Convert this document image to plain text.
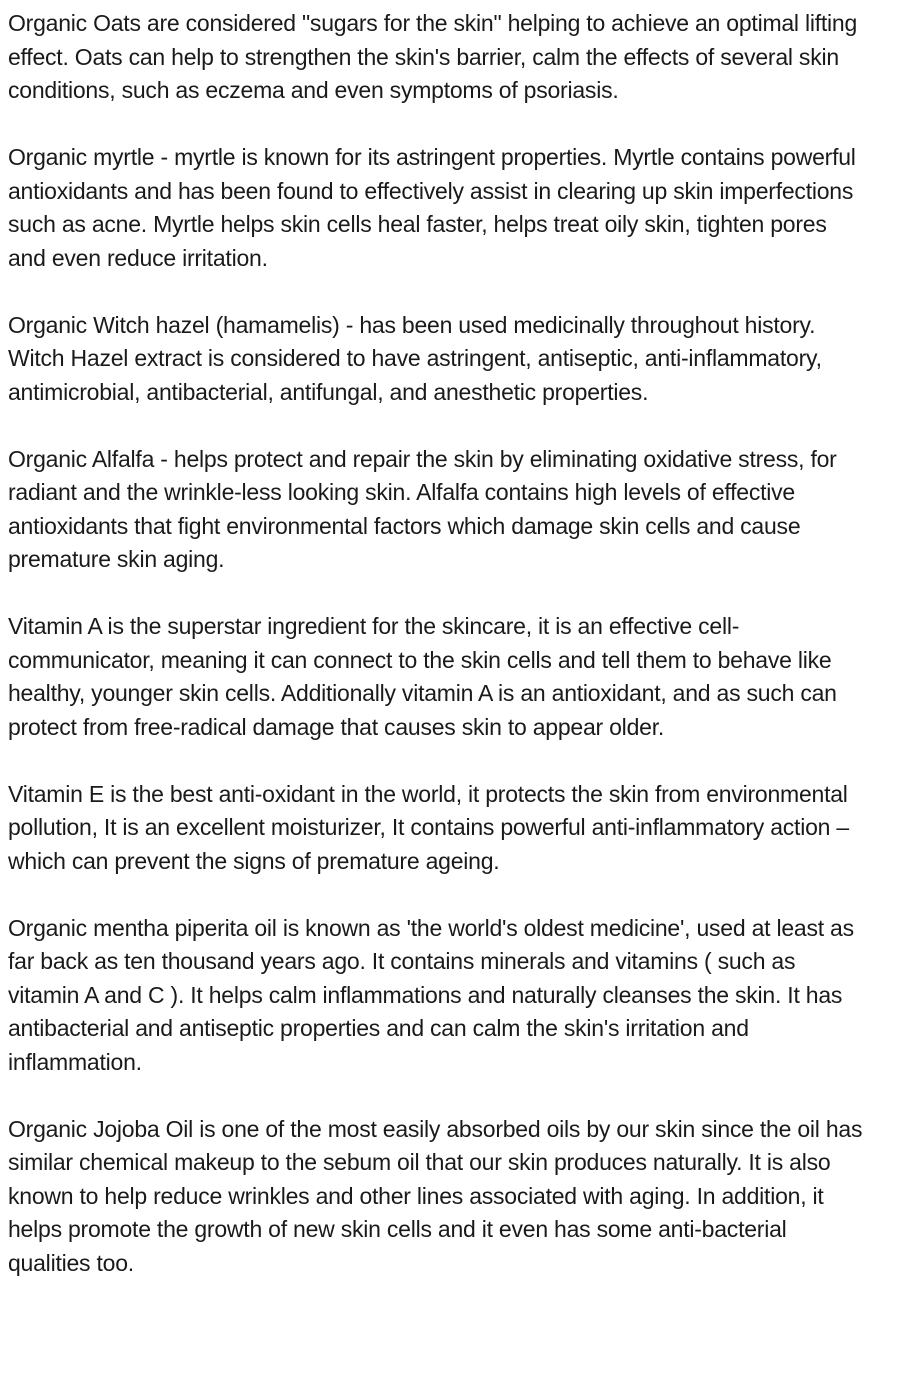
Organic Oats are considered "sugars for the skin" helping to achieve an optimal lifting effect. Oats can help to strengthen the skin's barrier, calm the effects of several skin conditions, such as eczema and even symptoms of psoriasis.

Organic myrtle - myrtle is known for its astringent properties. Myrtle contains powerful antioxidants and has been found to effectively assist in clearing up skin imperfections such as acne. Myrtle helps skin cells heal faster, helps treat oily skin, tighten pores and even reduce irritation.

Organic Witch hazel (hamamelis) - has been used medicinally throughout history. Witch Hazel extract is considered to have astringent, antiseptic, anti-inflammatory, antimicrobial, antibacterial, antifungal, and anesthetic properties.

Organic Alfalfa - helps protect and repair the skin by eliminating oxidative stress, for radiant and the wrinkle-less looking skin. Alfalfa contains high levels of effective antioxidants that fight environmental factors which damage skin cells and cause premature skin aging.

Vitamin A is the superstar ingredient for the skincare, it is an effective cell-communicator, meaning it can connect to the skin cells and tell them to behave like healthy, younger skin cells. Additionally vitamin A is an antioxidant, and as such can protect from free-radical damage that causes skin to appear older.

Vitamin E is the best anti-oxidant in the world, it protects the skin from environmental pollution, It is an excellent moisturizer, It contains powerful anti-inflammatory action – which can prevent the signs of premature ageing.

Organic mentha piperita oil is known as 'the world's oldest medicine', used at least as far back as ten thousand years ago. It contains minerals and vitamins ( such as vitamin A and C ). It helps calm inflammations and naturally cleanses the skin. It has antibacterial and antiseptic properties and can calm the skin's irritation and inflammation.

Organic Jojoba Oil is one of the most easily absorbed oils by our skin since the oil has similar chemical makeup to the sebum oil that our skin produces naturally. It is also known to help reduce wrinkles and other lines associated with aging. In addition, it helps promote the growth of new skin cells and it even has some anti-bacterial qualities too.
